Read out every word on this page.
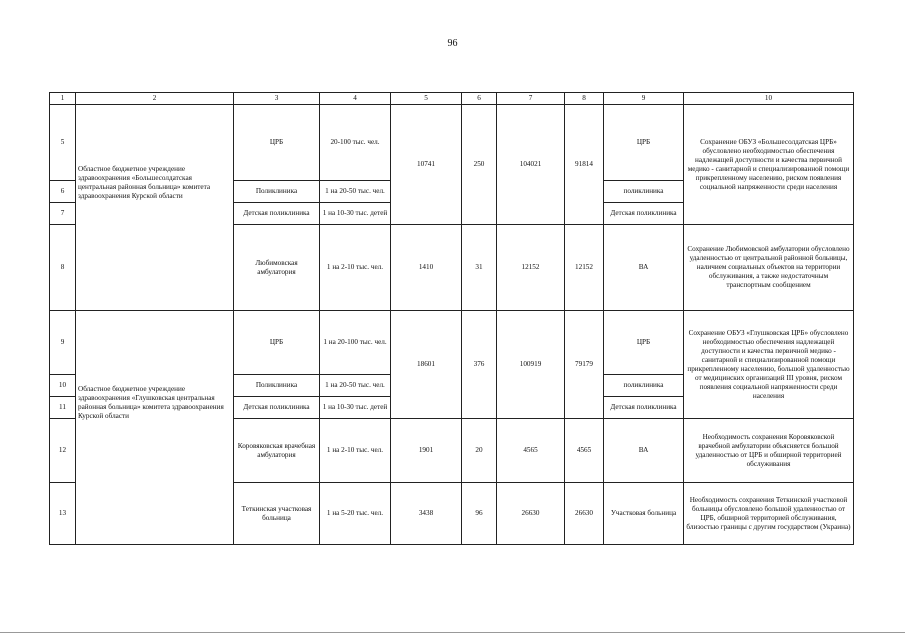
96
1	2	3	4	5	6	7	8	9	10
5	Областное бюджетное учреждение здравоохранения «Большесолдатская центральная районная больница» комитета здравоохранения Курской области	ЦРБ	20-100 тыс. чел.	10741	250	104021	91814	ЦРБ	Сохранение ОБУЗ «Большесолдатская ЦРБ» обусловлено необходимостью обеспечения надлежащей доступности и качества первичной медико - санитарной и специализированной помощи прикрепленному населению, риском появления социальной напряженности среди населения
6		Поликлиника	1 на 20-50 тыс. чел.					поликлиника	
7		Детская поликлиника	1 на 10-30 тыс. детей					Детская поликлиника	
8		Любимовская амбулатория	1 на 2-10 тыс. чел.	1410	31	12152	12152	ВА	Сохранение Любимовской амбулатории обусловлено удаленностью от центральной районной больницы, наличием социальных объектов на территории обслуживания, а также недостаточным транспортным сообщением
9	Областное бюджетное учреждение здравоохранения «Глушковская центральная районная больница» комитета здравоохранения Курской области	ЦРБ	1 на 20-100 тыс. чел.	18601	376	100919	79179	ЦРБ	Сохранение ОБУЗ «Глушковская ЦРБ» обусловлено необходимостью обеспечения надлежащей доступности и качества первичной медико - санитарной и специализированной помощи прикрепленному населению, большой удаленностью от медицинских организаций III уровня, риском появления социальной напряженности среди населения
10		Поликлиника	1 на 20-50 тыс. чел.					поликлиника	
11		Детская поликлиника	1 на 10-30 тыс. детей					Детская поликлиника	
12		Коровяковская врачебная амбулатория	1 на 2-10 тыс. чел.	1901	20	4565	4565	ВА	Необходимость сохранения Коровяковской врачебной амбулатории объясняется большой удаленностью от ЦРБ и обширной территорией обслуживания
13		Теткинская участковая больница	1 на 5-20 тыс. чел.	3438	96	26630	26630	Участковая больница	Необходимость сохранения Теткинской участковой больницы обусловлено большой удаленностью от ЦРБ, обширной территорией обслуживания, близостью границы с другим государством (Украина)
